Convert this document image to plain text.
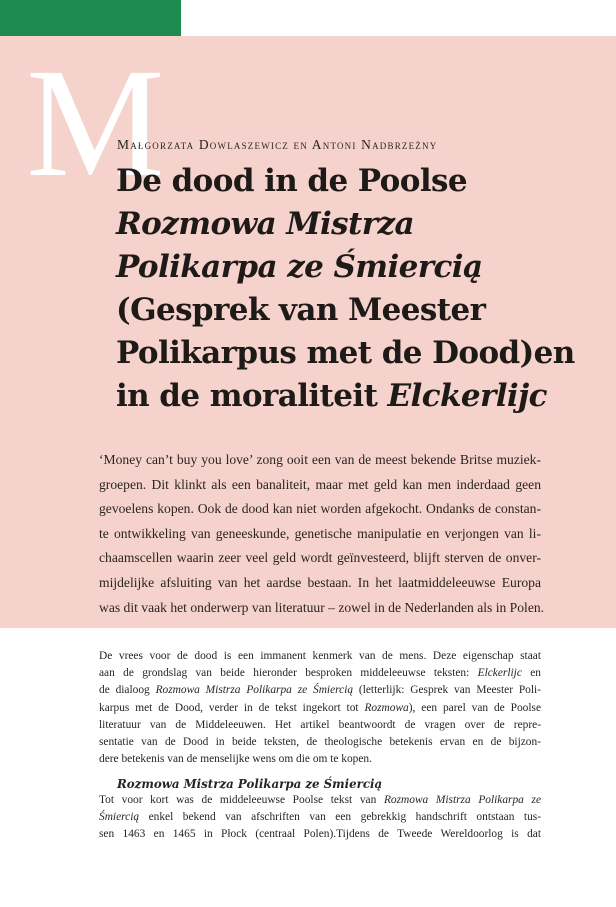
M
Małgorzata Dowlaszewicz en Antoni Nadbrzeżny
De dood in de Poolse
Rozmowa Mistrza
Polikarpa ze Śmiercią
(Gesprek van Meester
Polikarpus met de Dood)en
in de moraliteit Elckerlijc
‘Money can’t buy you love’ zong ooit een van de meest bekende Britse muziek-
groepen. Dit klinkt als een banaliteit, maar met geld kan men inderdaad geen
gevoelens kopen. Ook de dood kan niet worden afgekocht. Ondanks de constan-
te ontwikkeling van geneeskunde, genetische manipulatie en verjongen van li-
chaamscellen waarin zeer veel geld wordt geïnvesteerd, blijft sterven de onver-
mijdelijke afsluiting van het aardse bestaan. In het laatmiddeleeuwse Europa
was dit vaak het onderwerp van literatuur – zowel in de Nederlanden als in Polen.
De vrees voor de dood is een immanent kenmerk van de mens. Deze eigenschap staat
aan de grondslag van beide hieronder besproken middeleeuwse teksten: Elckerlijc en
de dialoog Rozmowa Mistrza Polikarpa ze Śmiercią (letterlijk: Gesprek van Meester Poli-
karpus met de Dood, verder in de tekst ingekort tot Rozmowa), een parel van de Poolse
literatuur van de Middeleeuwen. Het artikel beantwoordt de vragen over de repre-
sentatie van de Dood in beide teksten, de theologische betekenis ervan en de bijzon-
dere betekenis van de menselijke wens om die om te kopen.
Rozmowa Mistrza Polikarpa ze Śmiercią
Tot voor kort was de middeleeuwse Poolse tekst van Rozmowa Mistrza Polikarpa ze
Śmiercią enkel bekend van afschriften van een gebrekkig handschrift ontstaan tus-
sen 1463 en 1465 in Płock (centraal Polen).Tijdens de Tweede Wereldoorlog is dat
